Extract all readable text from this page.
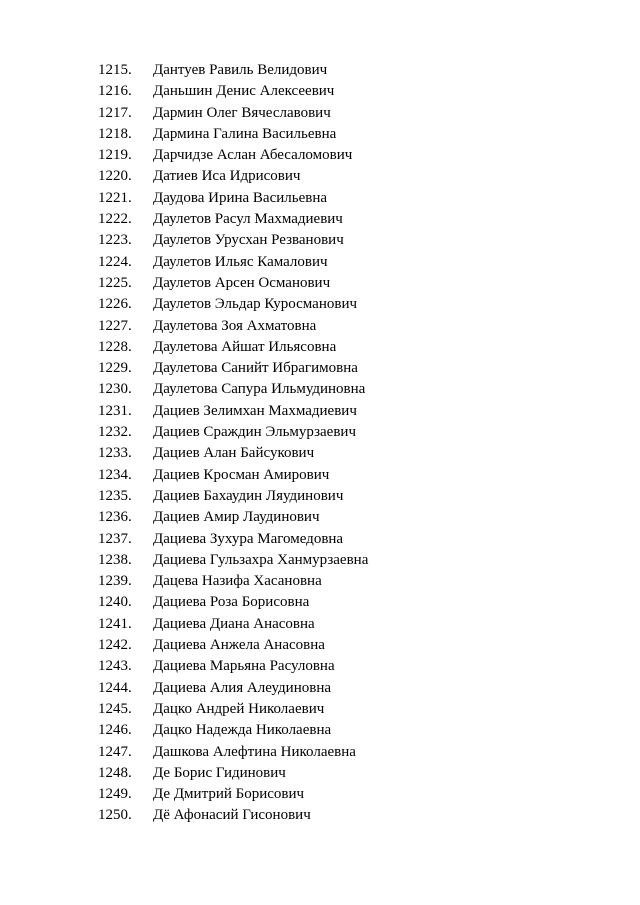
1215.	Дантуев Равиль Велидович
1216.	Даньшин Денис Алексеевич
1217.	Дармин Олег Вячеславович
1218.	Дармина Галина Васильевна
1219.	Дарчидзе Аслан Абесаломович
1220.	Датиев Иса Идрисович
1221.	Даудова Ирина Васильевна
1222.	Даулетов Расул Махмадиевич
1223.	Даулетов Урусхан Резванович
1224.	Даулетов Ильяс Камалович
1225.	Даулетов Арсен Османович
1226.	Даулетов Эльдар Куросманович
1227.	Даулетова Зоя Ахматовна
1228.	Даулетова Айшат Ильясовна
1229.	Даулетова Санийт Ибрагимовна
1230.	Даулетова Сапура Ильмудиновна
1231.	Дациев Зелимхан Махмадиевич
1232.	Дациев Сраждин Эльмурзаевич
1233.	Дациев Алан Байсукович
1234.	Дациев Кросман Амирович
1235.	Дациев Бахаудин Ляудинович
1236.	Дациев Амир Лаудинович
1237.	Дациева Зухура Магомедовна
1238.	Дациева Гульзахра Ханмурзаевна
1239.	Дацева Назифа Хасановна
1240.	Дациева Роза Борисовна
1241.	Дациева Диана Анасовна
1242.	Дациева Анжела Анасовна
1243.	Дациева Марьяна Расуловна
1244.	Дациева Алия Алеудиновна
1245.	Дацко Андрей Николаевич
1246.	Дацко Надежда Николаевна
1247.	Дашкова Алефтина Николаевна
1248.	Де Борис Гидинович
1249.	Де Дмитрий Борисович
1250.	Дё Афонасий Гисонович
